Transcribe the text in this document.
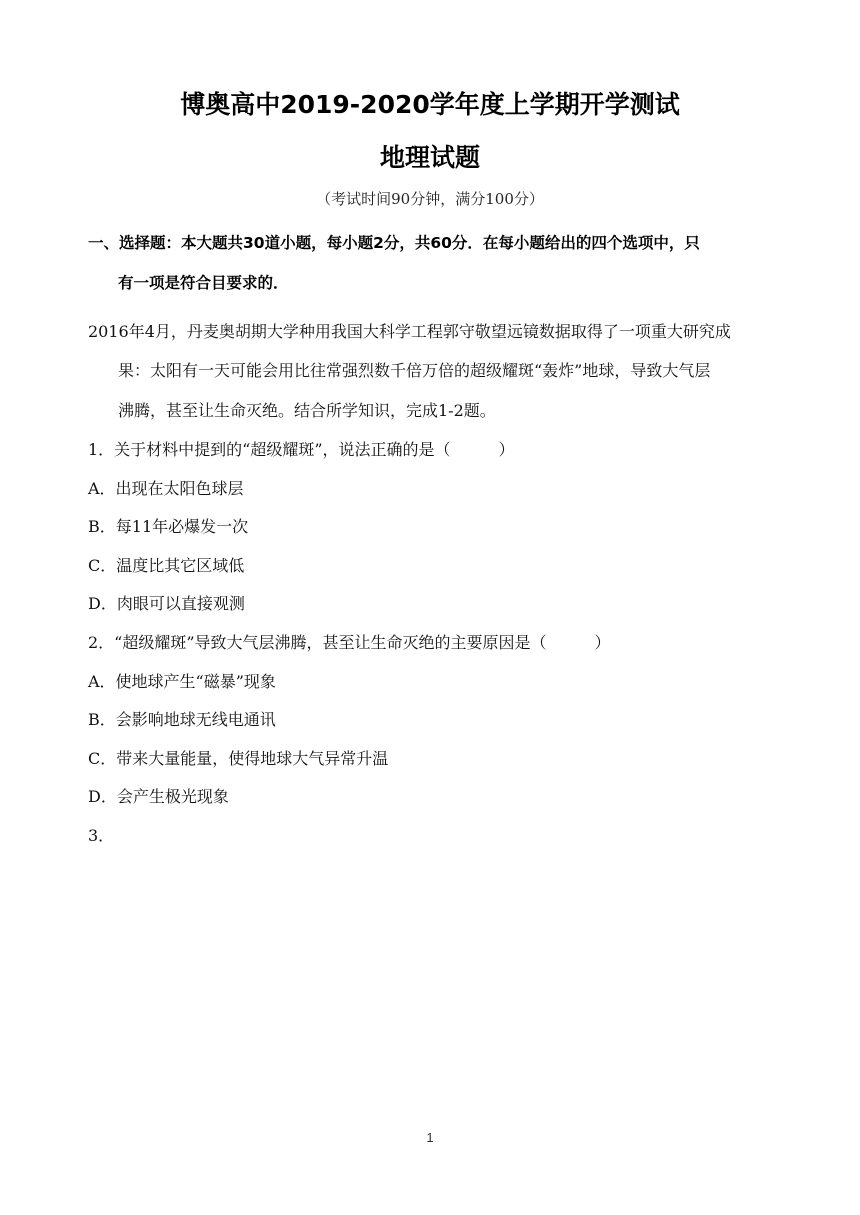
博奥高中2019-2020学年度上学期开学测试
地理试题
（考试时间90分钟，满分100分）
一、选择题：本大题共30道小题，每小题2分，共60分．在每小题给出的四个选项中，只
有一项是符合目要求的．
2016年4月，丹麦奥胡期大学种用我国大科学工程郭守敬望远镜数据取得了一项重大研究成
果：太阳有一天可能会用比往常强烈数千倍万倍的超级耀斑“轰炸”地球，导致大气层
沸腾，甚至让生命灭绝。结合所学知识，完成1-2题。
1．关于材料中提到的“超级耀斑”，说法正确的是（　　　）
A．出现在太阳色球层
B．每11年必爆发一次
C．温度比其它区域低
D．肉眼可以直接观测
2．“超级耀斑”导致大气层沸腾，甚至让生命灭绝的主要原因是（　　　）
A．使地球产生“磁暴”现象
B．会影响地球无线电通讯
C．带来大量能量，使得地球大气异常升温
D．会产生极光现象
3．
1
